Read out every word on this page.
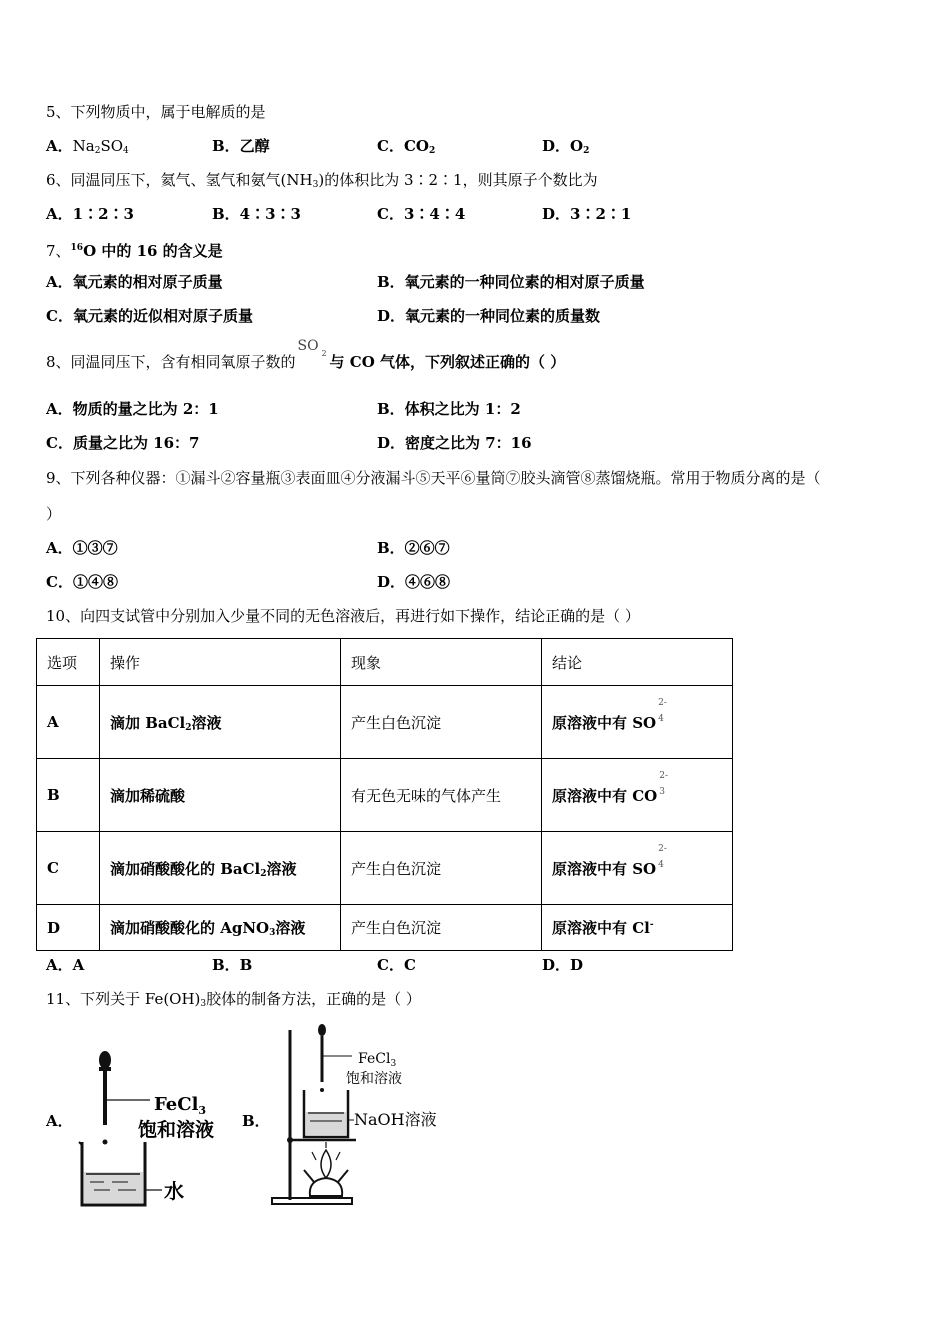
5、下列物质中，属于电解质的是
A．$Na_2SO_4$	B．乙醇	C．$CO_2$	D．$O_2$
6、同温同压下，氦气、氢气和氨气$(NH_3)$的体积比为 3∶2∶1，则其原子个数比为
A．1∶2∶3	B．4∶3∶3	C．3∶4∶4	D．3∶2∶1
7、$^{16}$O 中的 16 的含义是
A．氧元素的相对原子质量	B．氧元素的一种同位素的相对原子质量
C．氧元素的近似相对原子质量	D．氧元素的一种同位素的质量数
8、同温同压下，含有相同氧原子数的
SO 2 与 CO 气体，下列叙述正确的（ ）
A．物质的量之比为 2：1	B．体积之比为 1：2
C．质量之比为 16：7	D．密度之比为 7：16
9、下列各种仪器：①漏斗②容量瓶③表面皿④分液漏斗⑤天平⑥量筒⑦胶头滴管⑧蒸馏烧瓶。常用于物质分离的是（
）
A．①③⑦	B．②⑥⑦
C．①④⑧	D．④⑥⑧
10、向四支试管中分别加入少量不同的无色溶液后，再进行如下操作，结论正确的是（ ）
选项	操作	现象	结论
A	滴加 BaCl$_2$溶液	产生白色沉淀	原溶液中有 SO
2-
4

B	滴加稀硫酸	有无色无味的气体产生	原溶液中有 CO
2-
3

C	滴加硝酸酸化的 BaCl$_2$溶液	产生白色沉淀	原溶液中有 SO
2-
4

D	滴加硝酸酸化的 AgNO$_3$溶液	产生白色沉淀	原溶液中有 Cl-
A．A	B．B	C．C	D．D
11、下列关于 $Fe(OH)_3$胶体的制备方法，正确的是（ ）
A．
FeCl$_3$
饱和溶液
水
B．
FeCl$_3$
饱和溶液
NaOH溶液
